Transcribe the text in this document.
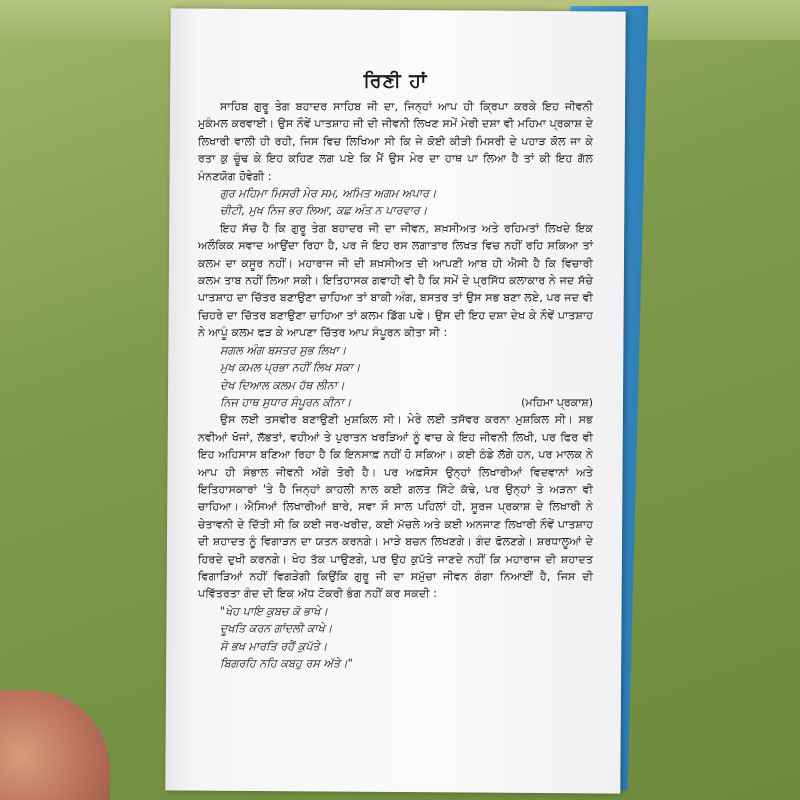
ਰਿਣੀ ਹਾਂ

ਸਾਹਿਬ ਗੁਰੂ ਤੇਗ ਬਹਾਦਰ ਸਾਹਿਬ ਜੀ ਦਾ, ਜਿਨ੍ਹਾਂ ਆਪ ਹੀ ਕ੍ਰਿਪਾ ਕਰਕੇ ਇਹ ਜੀਵਨੀ ਮੁਕੰਮਲ ਕਰਵਾਈ। ਉਸ ਨੌਵੇਂ ਪਾਤਸ਼ਾਹ ਜੀ ਦੀ ਜੀਵਨੀ ਲਿਖਣ ਸਮੇਂ ਮੇਰੀ ਦਸ਼ਾ ਵੀ ਮਹਿਮਾ ਪ੍ਰਕਾਸ਼ ਦੇ ਲਿਖਾਰੀ ਵਾਲੀ ਹੀ ਰਹੀ, ਜਿਸ ਵਿਚ ਲਿਖਿਆ ਸੀ ਕਿ ਜੇ ਕੋਈ ਕੀੜੀ ਮਿਸਰੀ ਦੇ ਪਹਾੜ ਕੋਲ ਜਾ ਕੇ ਰਤਾ ਕੁ ਚੂੰਢ ਕੇ ਇਹ ਕਹਿਣ ਲਗ ਪਏ ਕਿ ਮੈਂ ਉਸ ਮੇਰ ਦਾ ਹਾਥ ਪਾ ਲਿਆ ਹੈ ਤਾਂ ਕੀ ਇਹ ਗੱਲ ਮੰਨਣਯੋਗ ਹੋਵੇਗੀ :

ਗੁਰ ਮਹਿਮਾ ਮਿਸਰੀ ਮੇਰ ਸਮ, ਅਮਿਤ ਅਗਮ ਅਪਾਰ।
ਚੀਟੀ, ਮੁਖ ਨਿਜ ਭਰ ਲਿਆ, ਕਛ ਅੰਤ ਨ ਪਾਰਵਾਰ।

ਇਹ ਸੱਚ ਹੈ ਕਿ ਗੁਰੂ ਤੇਗ ਬਹਾਦਰ ਜੀ ਦਾ ਜੀਵਨ, ਸ਼ਖ਼ਸੀਅਤ ਅਤੇ ਰਹਿਮਤਾਂ ਲਿਖਦੇ ਇਕ ਅਲੌਕਿਕ ਸਵਾਦ ਆਉਂਦਾ ਰਿਹਾ ਹੈ, ਪਰ ਜੋ ਇਹ ਰਸ ਲਗਾਤਾਰ ਲਿਖਤ ਵਿਚ ਨਹੀਂ ਰਹਿ ਸਕਿਆ ਤਾਂ ਕਲਮ ਦਾ ਕਸੂਰ ਨਹੀਂ। ਮਹਾਰਾਜ ਜੀ ਦੀ ਸ਼ਖ਼ਸੀਅਤ ਦੀ ਆਪਣੀ ਆਬ ਹੀ ਐਸੀ ਹੈ ਕਿ ਵਿਚਾਰੀ ਕਲਮ ਤਾਬ ਨਹੀਂ ਲਿਆ ਸਕੀ। ਇਤਿਹਾਸਕ ਗਵਾਹੀ ਵੀ ਹੈ ਕਿ ਸਮੇਂ ਦੇ ਪ੍ਰਸਿੱਧ ਕਲਾਕਾਰ ਨੇ ਜਦ ਸੱਚੇ ਪਾਤਸ਼ਾਹ ਦਾ ਚਿੱਤਰ ਬਣਾਉਣਾ ਚਾਹਿਆ ਤਾਂ ਬਾਕੀ ਅੰਗ, ਬਸਤਰ ਤਾਂ ਉਸ ਸਭ ਬਣਾ ਲਏ, ਪਰ ਜਦ ਵੀ ਚਿਹਰੇ ਦਾ ਚਿੱਤਰ ਬਣਾਉਣਾ ਚਾਹਿਆ ਤਾਂ ਕਲਮ ਡਿੱਗ ਪਵੇ। ਉਸ ਦੀ ਇਹ ਦਸ਼ਾ ਦੇਖ ਕੇ ਨੌਵੇਂ ਪਾਤਸ਼ਾਹ ਨੇ ਆਪੂੰ ਕਲਮ ਫੜ ਕੇ ਆਪਣਾ ਚਿੱਤਰ ਆਪ ਸੰਪੂਰਨ ਕੀਤਾ ਸੀ :

ਸਗਲ ਅੰਗ ਬਸਤਰ ਸੁਭ ਲਿਖਾ।
ਮੁਖ ਕਮਲ ਪ੍ਰਭਾ ਨਹੀਂ ਲਿਖ ਸਕਾ।
ਦੇਖ ਦਿਆਲ ਕਲਮ ਹੱਥ ਲੀਨਾ।
ਨਿਜ ਹਾਥ ਸੁਧਾਰ ਸੰਪੂਰਨ ਕੀਨਾ।	(ਮਹਿਮਾ ਪ੍ਰਕਾਸ਼)

ਉਸ ਲਈ ਤਸਵੀਰ ਬਣਾਉਣੀ ਮੁਸ਼ਕਿਲ ਸੀ। ਮੇਰੇ ਲਈ ਤਸੱਵਰ ਕਰਨਾ ਮੁਸ਼ਕਿਲ ਸੀ। ਸਭ ਨਵੀਆਂ ਖੋਜਾਂ, ਲੱਭਤਾਂ, ਵਹੀਆਂ ਤੇ ਪੁਰਾਤਨ ਖਰੜਿਆਂ ਨੂੰ ਵਾਚ ਕੇ ਇਹ ਜੀਵਨੀ ਲਿਖੀ, ਪਰ ਫਿਰ ਵੀ ਇਹ ਅਹਿਸਾਸ ਬਣਿਆ ਰਿਹਾ ਹੈ ਕਿ ਇਨਸਾਫ਼ ਨਹੀਂ ਹੋ ਸਕਿਆ। ਕਈ ਠੰਡੇ ਲੱਗੇ ਹਨ, ਪਰ ਮਾਲਕ ਨੇ ਆਪ ਹੀ ਸੰਭਾਲ ਜੀਵਨੀ ਅੱਗੇ ਤੋਰੀ ਹੈ। ਪਰ ਅਫ਼ਸੋਸ ਉਨ੍ਹਾਂ ਲਿਖਾਰੀਆਂ ਵਿਦਵਾਨਾਂ ਅਤੇ ਇਤਿਹਾਸਕਾਰਾਂ 'ਤੇ ਹੈ ਜਿਨ੍ਹਾਂ ਕਾਹਲੀ ਨਾਲ ਕਈ ਗਲਤ ਸਿੱਟੇ ਕੱਢੇ, ਪਰ ਉਨ੍ਹਾਂ ਤੇ ਅੜਨਾ ਵੀ ਚਾਹਿਆ। ਐਸਿਆਂ ਲਿਖਾਰੀਆਂ ਬਾਰੇ, ਸਵਾ ਸੌ ਸਾਲ ਪਹਿਲਾਂ ਹੀ, ਸੂਰਜ ਪ੍ਰਕਾਸ਼ ਦੇ ਲਿਖਾਰੀ ਨੇ ਚੇਤਾਵਨੀ ਦੇ ਦਿੱਤੀ ਸੀ ਕਿ ਕਈ ਜਰ-ਖਰੀਦ, ਕਈ ਮੱਚਲੇ ਅਤੇ ਕਈ ਅਨਜਾਣ ਲਿਖਾਰੀ ਨੌਵੇਂ ਪਾਤਸ਼ਾਹ ਦੀ ਸ਼ਹਾਦਤ ਨੂੰ ਵਿਗਾੜਨ ਦਾ ਯਤਨ ਕਰਨਗੇ। ਮਾੜੇ ਬਚਨ ਲਿਖਣਗੇ। ਗੰਦ ਫੋਲਣਗੇ। ਸ਼ਰਧਾਲੂਆਂ ਦੇ ਹਿਰਦੇ ਦੁਖੀ ਕਰਨਗੇ। ਖੇਹ ਤੱਕ ਪਾਉਣਗੇ, ਪਰ ਉਹ ਕੁਪੱਤੇ ਜਾਣਦੇ ਨਹੀਂ ਕਿ ਮਹਾਰਾਜ ਦੀ ਸ਼ਹਾਦਤ ਵਿਗਾੜਿਆਂ ਨਹੀਂ ਵਿਗੜੇਗੀ ਕਿਉਂਕਿ ਗੁਰੂ ਜੀ ਦਾ ਸਮੁੱਚਾ ਜੀਵਨ ਗੰਗਾ ਨਿਆਈਂ ਹੈ, ਜਿਸ ਦੀ ਪਵਿੱਤਰਤਾ ਗੰਦ ਦੀ ਇਕ ਅੱਧ ਟੋਕਰੀ ਭੰਗ ਨਹੀਂ ਕਰ ਸਕਦੀ :

"ਖੇਹ ਪਾਇ ਕੁਬਚ ਕੋ ਭਾਖੇ।
ਦੂਖਤਿ ਕਰਨ ਗਾਂਦਲੀ ਕਾਖੇ।
ਸੋ ਭਖ ਮਾਰਤਿ ਰਹੈਂ ਕੁਪੱਤੇ।
ਬਿਗਰਹਿ ਨਹਿ ਕਬਹੁ ਰਸ ਅੱਤੇ।"
